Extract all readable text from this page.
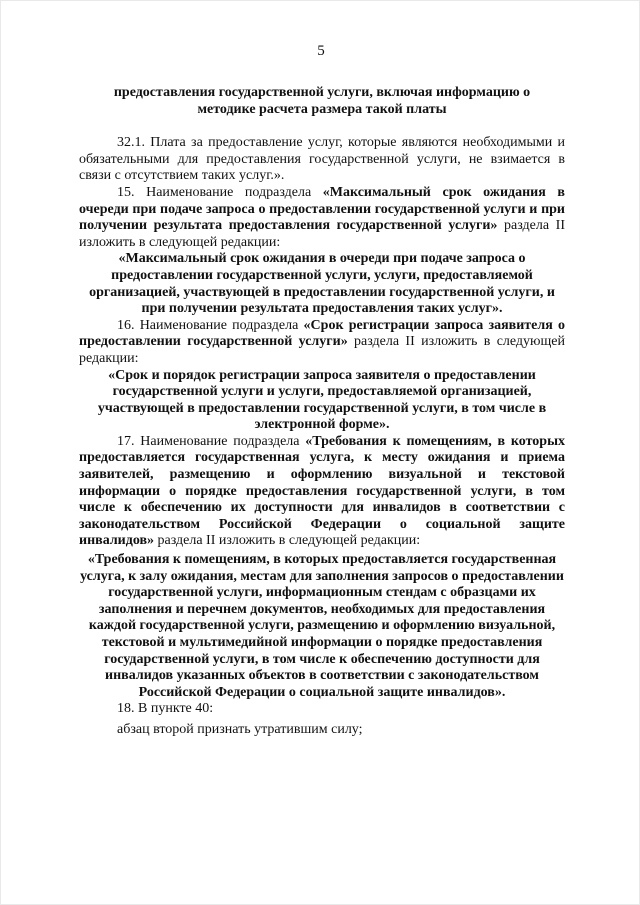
5

предоставления государственной услуги, включая информацию о методике расчета размера такой платы

32.1. Плата за предоставление услуг, которые являются необходимыми и обязательными для предоставления государственной услуги, не взимается в связи с отсутствием таких услуг.».

15. Наименование подраздела «Максимальный срок ожидания в очереди при подаче запроса о предоставлении государственной услуги и при получении результата предоставления государственной услуги» раздела II изложить в следующей редакции:

«Максимальный срок ожидания в очереди при подаче запроса о предоставлении государственной услуги, услуги, предоставляемой организацией, участвующей в предоставлении государственной услуги, и при получении результата предоставления таких услуг».

16. Наименование подраздела «Срок регистрации запроса заявителя о предоставлении государственной услуги» раздела II изложить в следующей редакции:

«Срок и порядок регистрации запроса заявителя о предоставлении государственной услуги и услуги, предоставляемой организацией, участвующей в предоставлении государственной услуги, в том числе в электронной форме».

17. Наименование подраздела «Требования к помещениям, в которых предоставляется государственная услуга, к месту ожидания и приема заявителей, размещению и оформлению визуальной и текстовой информации о порядке предоставления государственной услуги, в том числе к обеспечению их доступности для инвалидов в соответствии с законодательством Российской Федерации о социальной защите инвалидов» раздела II изложить в следующей редакции:

«Требования к помещениям, в которых предоставляется государственная услуга, к залу ожидания, местам для заполнения запросов о предоставлении государственной услуги, информационным стендам с образцами их заполнения и перечнем документов, необходимых для предоставления каждой государственной услуги, размещению и оформлению визуальной, текстовой и мультимедийной информации о порядке предоставления государственной услуги, в том числе к обеспечению доступности для инвалидов указанных объектов в соответствии с законодательством Российской Федерации о социальной защите инвалидов».

18. В пункте 40:

абзац второй признать утратившим силу;
